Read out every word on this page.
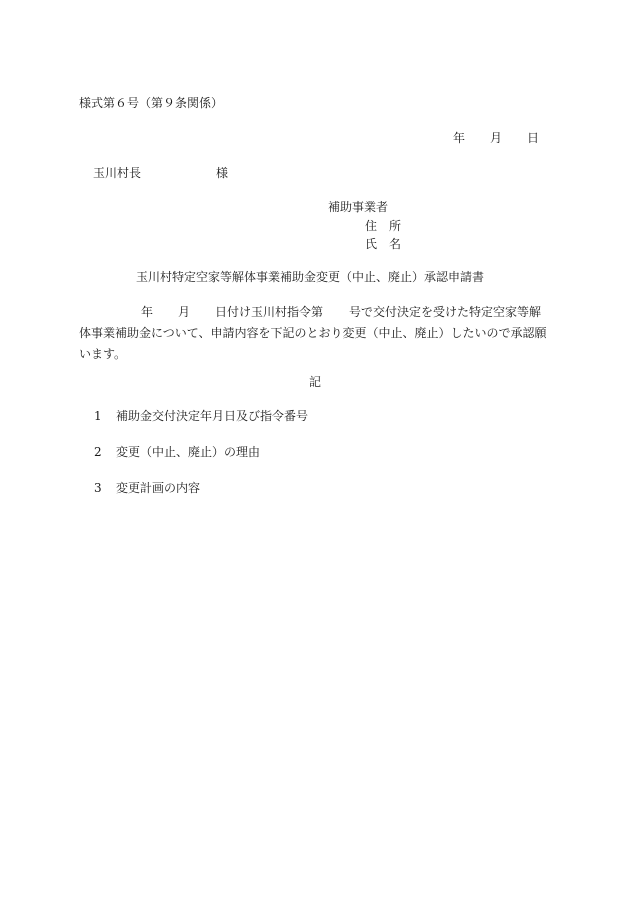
様式第６号（第９条関係）
年 月 日
玉川村長	様
補助事業者
住　所
氏　名
玉川村特定空家等解体事業補助金変更（中止、廃止）承認申請書
年 月 日付け玉川村指令第 号で交付決定を受けた特定空家等解体事業補助金について、申請内容を下記のとおり変更（中止、廃止）したいので承認願います。
記
1 補助金交付決定年月日及び指令番号
2 変更（中止、廃止）の理由
3 変更計画の内容
